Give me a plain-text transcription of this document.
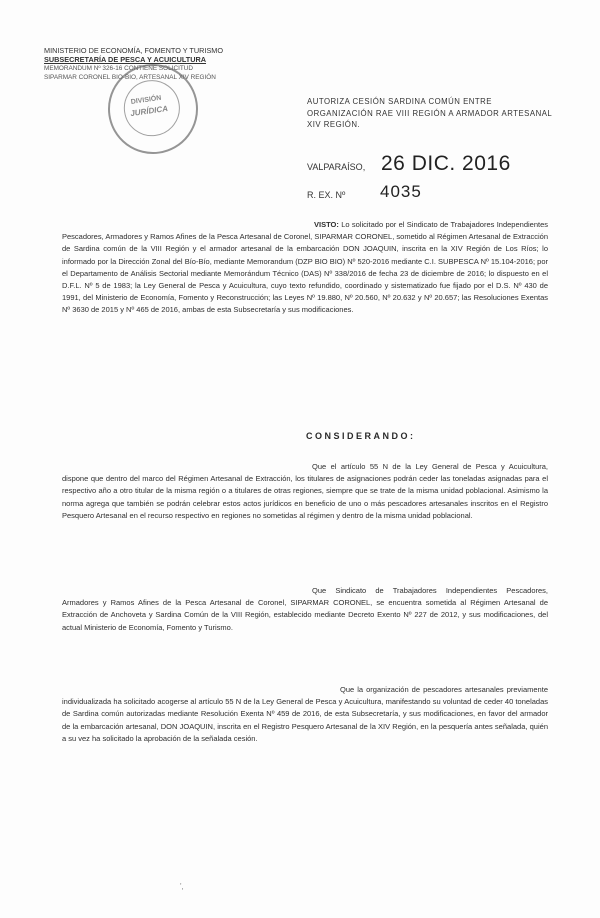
MINISTERIO DE ECONOMÍA, FOMENTO Y TURISMO
SUBSECRETARÍA DE PESCA Y ACUICULTURA
MEMORANDUM Nº 326-16 CONTIENE SOLICITUD
SIPARMAR CORONEL BIO-BIO, ARTESANAL XIV REGIÓN
DIVISIÓN
JURÍDICA
AUTORIZA CESIÓN SARDINA COMÚN ENTRE ORGANIZACIÓN RAE VIII REGIÓN A ARMADOR ARTESANAL XIV REGIÓN.
VALPARAÍSO, 26 DIC. 2016
R. EX. Nº 4035
VISTO: Lo solicitado por el Sindicato de Trabajadores Independientes Pescadores, Armadores y Ramos Afines de la Pesca Artesanal de Coronel, SIPARMAR CORONEL, sometido al Régimen Artesanal de Extracción de Sardina común de la VIII Región y el armador artesanal de la embarcación DON JOAQUIN, inscrita en la XIV Región de Los Ríos; lo informado por la Dirección Zonal del Bío-Bío, mediante Memorandum (DZP BIO BIO) Nº 520-2016 mediante C.I. SUBPESCA Nº 15.104-2016; por el Departamento de Análisis Sectorial mediante Memorándum Técnico (DAS) Nº 338/2016 de fecha 23 de diciembre de 2016; lo dispuesto en el D.F.L. Nº 5 de 1983; la Ley General de Pesca y Acuicultura, cuyo texto refundido, coordinado y sistematizado fue fijado por el D.S. Nº 430 de 1991, del Ministerio de Economía, Fomento y Reconstrucción; las Leyes Nº 19.880, Nº 20.560, Nº 20.632 y Nº 20.657; las Resoluciones Exentas Nº 3630 de 2015 y Nº 465 de 2016, ambas de esta Subsecretaría y sus modificaciones.
CONSIDERANDO:
Que el artículo 55 N de la Ley General de Pesca y Acuicultura, dispone que dentro del marco del Régimen Artesanal de Extracción, los titulares de asignaciones podrán ceder las toneladas asignadas para el respectivo año a otro titular de la misma región o a titulares de otras regiones, siempre que se trate de la misma unidad poblacional. Asimismo la norma agrega que también se podrán celebrar estos actos jurídicos en beneficio de uno o más pescadores artesanales inscritos en el Registro Pesquero Artesanal en el recurso respectivo en regiones no sometidas al régimen y dentro de la misma unidad poblacional.
Que Sindicato de Trabajadores Independientes Pescadores, Armadores y Ramos Afines de la Pesca Artesanal de Coronel, SIPARMAR CORONEL, se encuentra sometida al Régimen Artesanal de Extracción de Anchoveta y Sardina Común de la VIII Región, establecido mediante Decreto Exento Nº 227 de 2012, y sus modificaciones, del actual Ministerio de Economía, Fomento y Turismo.
Que la organización de pescadores artesanales previamente individualizada ha solicitado acogerse al artículo 55 N de la Ley General de Pesca y Acuicultura, manifestando su voluntad de ceder 40 toneladas de Sardina común autorizadas mediante Resolución Exenta Nº 459 de 2016, de esta Subsecretaría, y sus modificaciones, en favor del armador de la embarcación artesanal, DON JOAQUIN, inscrita en el Registro Pesquero Artesanal de la XIV Región, en la pesquería antes señalada, quién a su vez ha solicitado la aprobación de la señalada cesión.
',
